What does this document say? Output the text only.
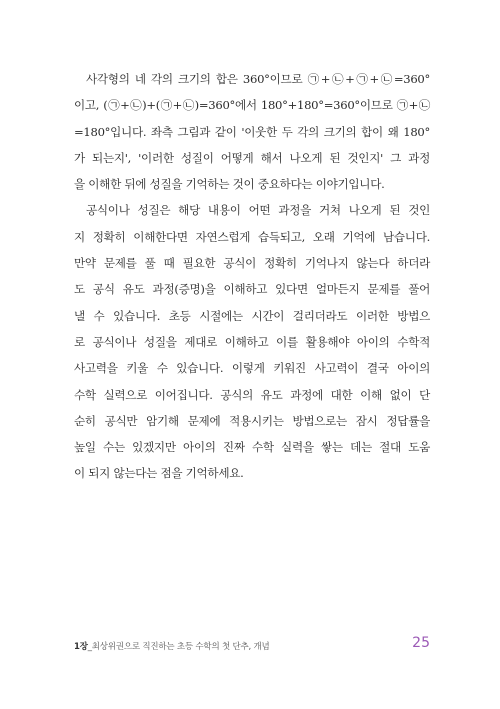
사각형의 네 각의 크기의 합은 360°이므로 ㉠+㉡+㉠+㉡=360°
이고, (㉠+㉡)+(㉠+㉡)=360°에서 180°+180°=360°이므로 ㉠+㉡
=180°입니다. 좌측 그림과 같이 '이웃한 두 각의 크기의 합이 왜 180°
가 되는지', '이러한 성질이 어떻게 해서 나오게 된 것인지' 그 과정
을 이해한 뒤에 성질을 기억하는 것이 중요하다는 이야기입니다.

공식이나 성질은 해당 내용이 어떤 과정을 거쳐 나오게 된 것인
지 정확히 이해한다면 자연스럽게 습득되고, 오래 기억에 남습니다.
만약 문제를 풀 때 필요한 공식이 정확히 기억나지 않는다 하더라
도 공식 유도 과정(증명)을 이해하고 있다면 얼마든지 문제를 풀어
낼 수 있습니다. 초등 시절에는 시간이 걸리더라도 이러한 방법으
로 공식이나 성질을 제대로 이해하고 이를 활용해야 아이의 수학적
사고력을 키울 수 있습니다. 이렇게 키워진 사고력이 결국 아이의
수학 실력으로 이어집니다. 공식의 유도 과정에 대한 이해 없이 단
순히 공식만 암기해 문제에 적용시키는 방법으로는 잠시 정답률을
높일 수는 있겠지만 아이의 진짜 수학 실력을 쌓는 데는 절대 도움
이 되지 않는다는 점을 기억하세요.

1장_최상위권으로 직진하는 초등 수학의 첫 단추, 개념	25
